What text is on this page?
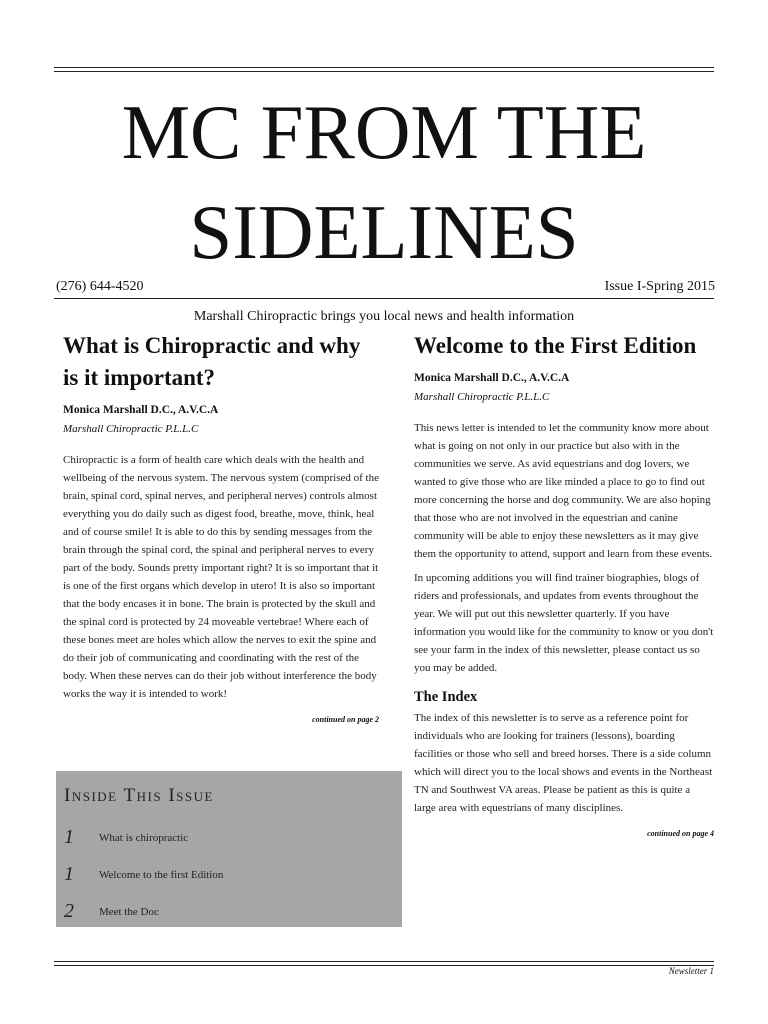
MC FROM THE
SIDELINES
(276) 644-4520	Issue I-Spring 2015
Marshall Chiropractic brings you local news and health information
What is Chiropractic and why is it important?
Monica Marshall D.C., A.V.C.A
Marshall Chiropractic P.L.L.C

Chiropractic is a form of health care which deals with the health and wellbeing of the nervous system. The nervous system (comprised of the brain, spinal cord, spinal nerves, and peripheral nerves) controls almost everything you do daily such as digest food, breathe, move, think, heal and of course smile! It is able to do this by sending messages from the brain through the spinal cord, the spinal and peripheral nerves to every part of the body. Sounds pretty important right? It is so important that it is one of the first organs which develop in utero! It is also so important that the body encases it in bone. The brain is protected by the skull and the spinal cord is protected by 24 moveable vertebrae! Where each of these bones meet are holes which allow the nerves to exit the spine and do their job of communicating and coordinating with the rest of the body. When these nerves can do their job without interference the body works the way it is intended to work!

continued on page 2
Inside This Issue
1	What is chiropractic
1	Welcome to the first Edition
2	Meet the Doc
Welcome to the First Edition
Monica Marshall D.C., A.V.C.A
Marshall Chiropractic P.L.L.C

This news letter is intended to let the community know more about what is going on not only in our practice but also with in the communities we serve. As avid equestrians and dog lovers, we wanted to give those who are like minded a place to go to find out more concerning the horse and dog community. We are also hoping that those who are not involved in the equestrian and canine community will be able to enjoy these newsletters as it may give them the opportunity to attend, support and learn from these events.

In upcoming additions you will find trainer biographies, blogs of riders and professionals, and updates from events throughout the year. We will put out this newsletter quarterly. If you have information you would like for the community to know or you don't see your farm in the index of this newsletter, please contact us so you may be added.

The Index

The index of this newsletter is to serve as a reference point for individuals who are looking for trainers (lessons), boarding facilities or those who sell and breed horses. There is a side column which will direct you to the local shows and events in the Northeast TN and Southwest VA areas. Please be patient as this is quite a large area with equestrians of many disciplines.

continued on page 4
Newsletter 1
